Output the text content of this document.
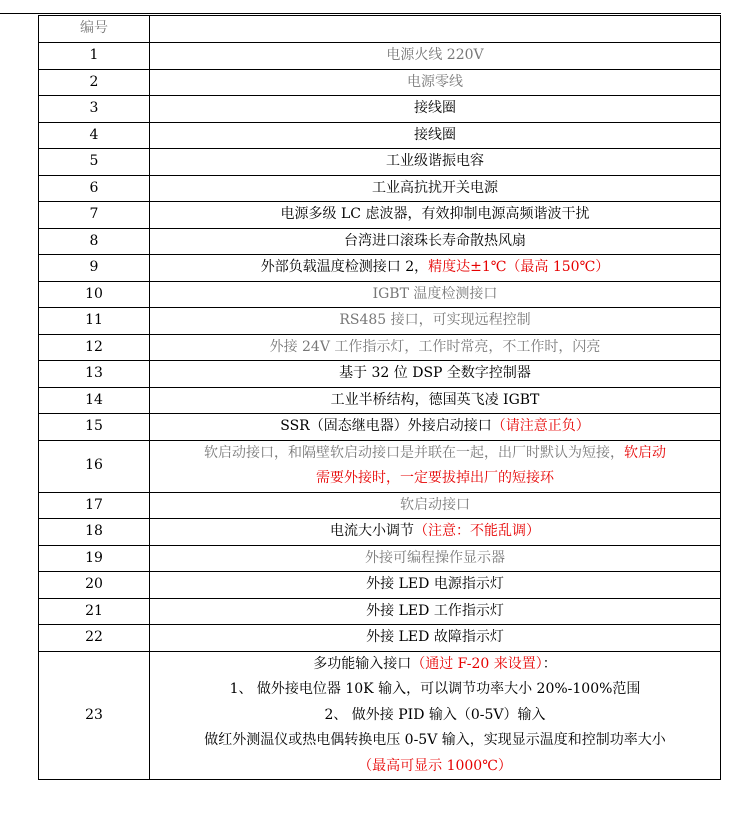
编号	
1	电源火线 220V
2	电源零线
3	接线圈
4	接线圈
5	工业级谐振电容
6	工业高抗扰开关电源
7	电源多级 LC 虑波器，有效抑制电源高频谐波干扰
8	台湾进口滚珠长寿命散热风扇
9	外部负载温度检测接口 2，精度达±1℃（最高 150℃）
10	IGBT 温度检测接口
11	RS485 接口，可实现远程控制
12	外接 24V 工作指示灯，工作时常亮，不工作时，闪亮
13	基于 32 位 DSP 全数字控制器
14	工业半桥结构，德国英飞凌 IGBT
15	SSR（固态继电器）外接启动接口（请注意正负）
16	软启动接口，和隔壁软启动接口是并联在一起，出厂时默认为短接，软启动
需要外接时，一定要拔掉出厂的短接环

17	软启动接口
18	电流大小调节（注意：不能乱调）
19	外接可编程操作显示器
20	外接 LED 电源指示灯
21	外接 LED 工作指示灯
22	外接 LED 故障指示灯
23	多功能输入接口（通过 F-20 来设置）：
1、 做外接电位器 10K 输入，可以调节功率大小 20%-100%范围
2、 做外接 PID 输入（0-5V）输入
做红外测温仪或热电偶转换电压 0-5V 输入，实现显示温度和控制功率大小
（最高可显示 1000℃）
